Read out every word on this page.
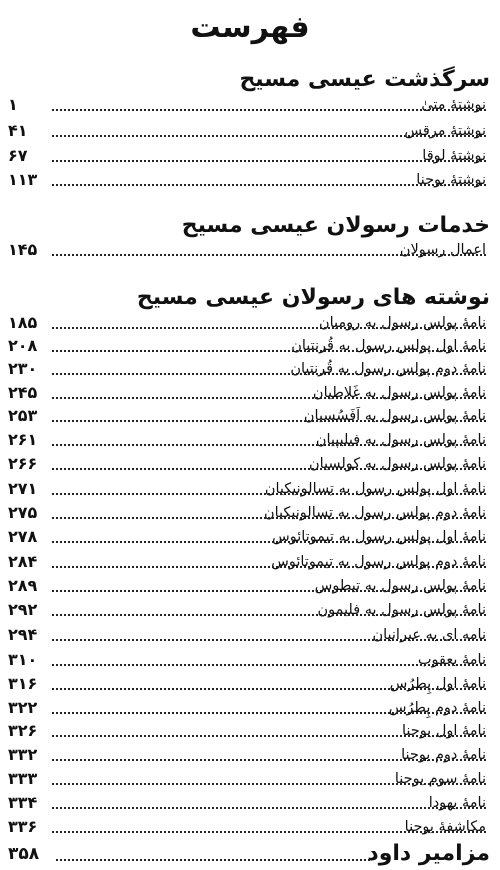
فهرست
سرگذشت عیسی مسیح
نوشتهٔ متیٰ
۱
نوشتهٔ مرقس
۴۱
نوشتهٔ لوقا
۶۷
نوشتهٔ یوحنا
۱۱۳
خدمات رسولان عیسی مسیح
اعمال رسولان
۱۴۵
نوشته های رسولان عیسی مسیح
نامهٔ پولس رسول به رومیان
۱۸۵
نامهٔ اول پولس رسول به قُرنتیان
۲۰۸
نامهٔ دوم پولس رسول به قُرنتیان
۲۳۰
نامهٔ پولس رسول به غَلاطیان
۲۴۵
نامهٔ پولس رسول به اَفَسُسیان
۲۵۳
نامهٔ پولس رسول به فیلیپیان
۲۶۱
نامهٔ پولس رسول به کولسیان
۲۶۶
نامهٔ اول پولس رسول به تِسالونیکیان
۲۷۱
نامهٔ دوم پولس رسول به تِسالونیکیان
۲۷۵
نامهٔ اول پولس رسول به تیموتائوس
۲۷۸
نامهٔ دوم پولس رسول به تیموتائوس
۲۸۴
نامهٔ پولس رسول به تیطوس
۲۸۹
نامهٔ پولس رسول به فلیمون
۲۹۲
نامه ای به عبرانیان
۲۹۴
نامهٔ یعقوب
۳۱۰
نامهٔ اول پِطرُس
۳۱۶
نامهٔ دوم پِطرُس
۳۲۲
نامهٔ اول یوحنا
۳۲۶
نامهٔ دوم یوحنا
۳۳۲
نامهٔ سوم یوحنا
۳۳۳
نامهٔ یهودا
۳۳۴
مکاشفهٔ یوحنا
۳۳۶
مزامیر داود
۳۵۸
